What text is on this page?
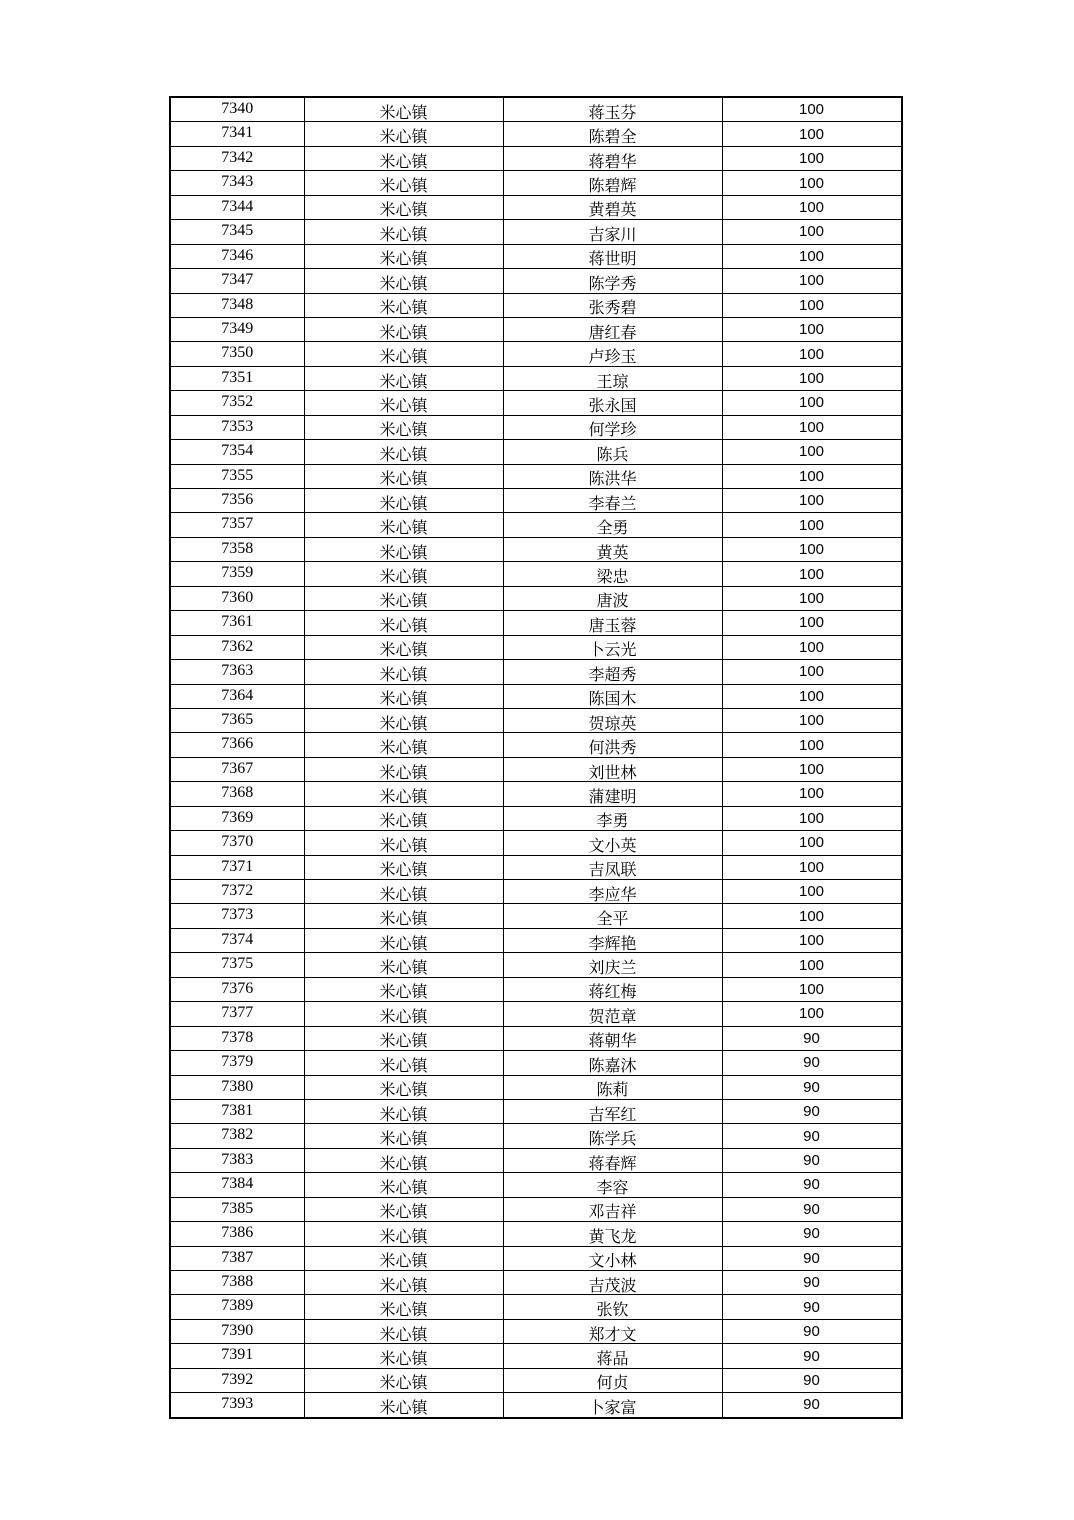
7340	米心镇	蒋玉芬	100
7341	米心镇	陈碧全	100
7342	米心镇	蒋碧华	100
7343	米心镇	陈碧辉	100
7344	米心镇	黄碧英	100
7345	米心镇	吉家川	100
7346	米心镇	蒋世明	100
7347	米心镇	陈学秀	100
7348	米心镇	张秀碧	100
7349	米心镇	唐红春	100
7350	米心镇	卢珍玉	100
7351	米心镇	王琼	100
7352	米心镇	张永国	100
7353	米心镇	何学珍	100
7354	米心镇	陈兵	100
7355	米心镇	陈洪华	100
7356	米心镇	李春兰	100
7357	米心镇	全勇	100
7358	米心镇	黄英	100
7359	米心镇	梁忠	100
7360	米心镇	唐波	100
7361	米心镇	唐玉蓉	100
7362	米心镇	卜云光	100
7363	米心镇	李超秀	100
7364	米心镇	陈国木	100
7365	米心镇	贺琼英	100
7366	米心镇	何洪秀	100
7367	米心镇	刘世林	100
7368	米心镇	蒲建明	100
7369	米心镇	李勇	100
7370	米心镇	文小英	100
7371	米心镇	吉凤联	100
7372	米心镇	李应华	100
7373	米心镇	全平	100
7374	米心镇	李辉艳	100
7375	米心镇	刘庆兰	100
7376	米心镇	蒋红梅	100
7377	米心镇	贺范章	100
7378	米心镇	蒋朝华	90
7379	米心镇	陈嘉沐	90
7380	米心镇	陈莉	90
7381	米心镇	吉军红	90
7382	米心镇	陈学兵	90
7383	米心镇	蒋春辉	90
7384	米心镇	李容	90
7385	米心镇	邓吉祥	90
7386	米心镇	黄飞龙	90
7387	米心镇	文小林	90
7388	米心镇	吉茂波	90
7389	米心镇	张钦	90
7390	米心镇	郑才文	90
7391	米心镇	蒋品	90
7392	米心镇	何贞	90
7393	米心镇	卜家富	90
